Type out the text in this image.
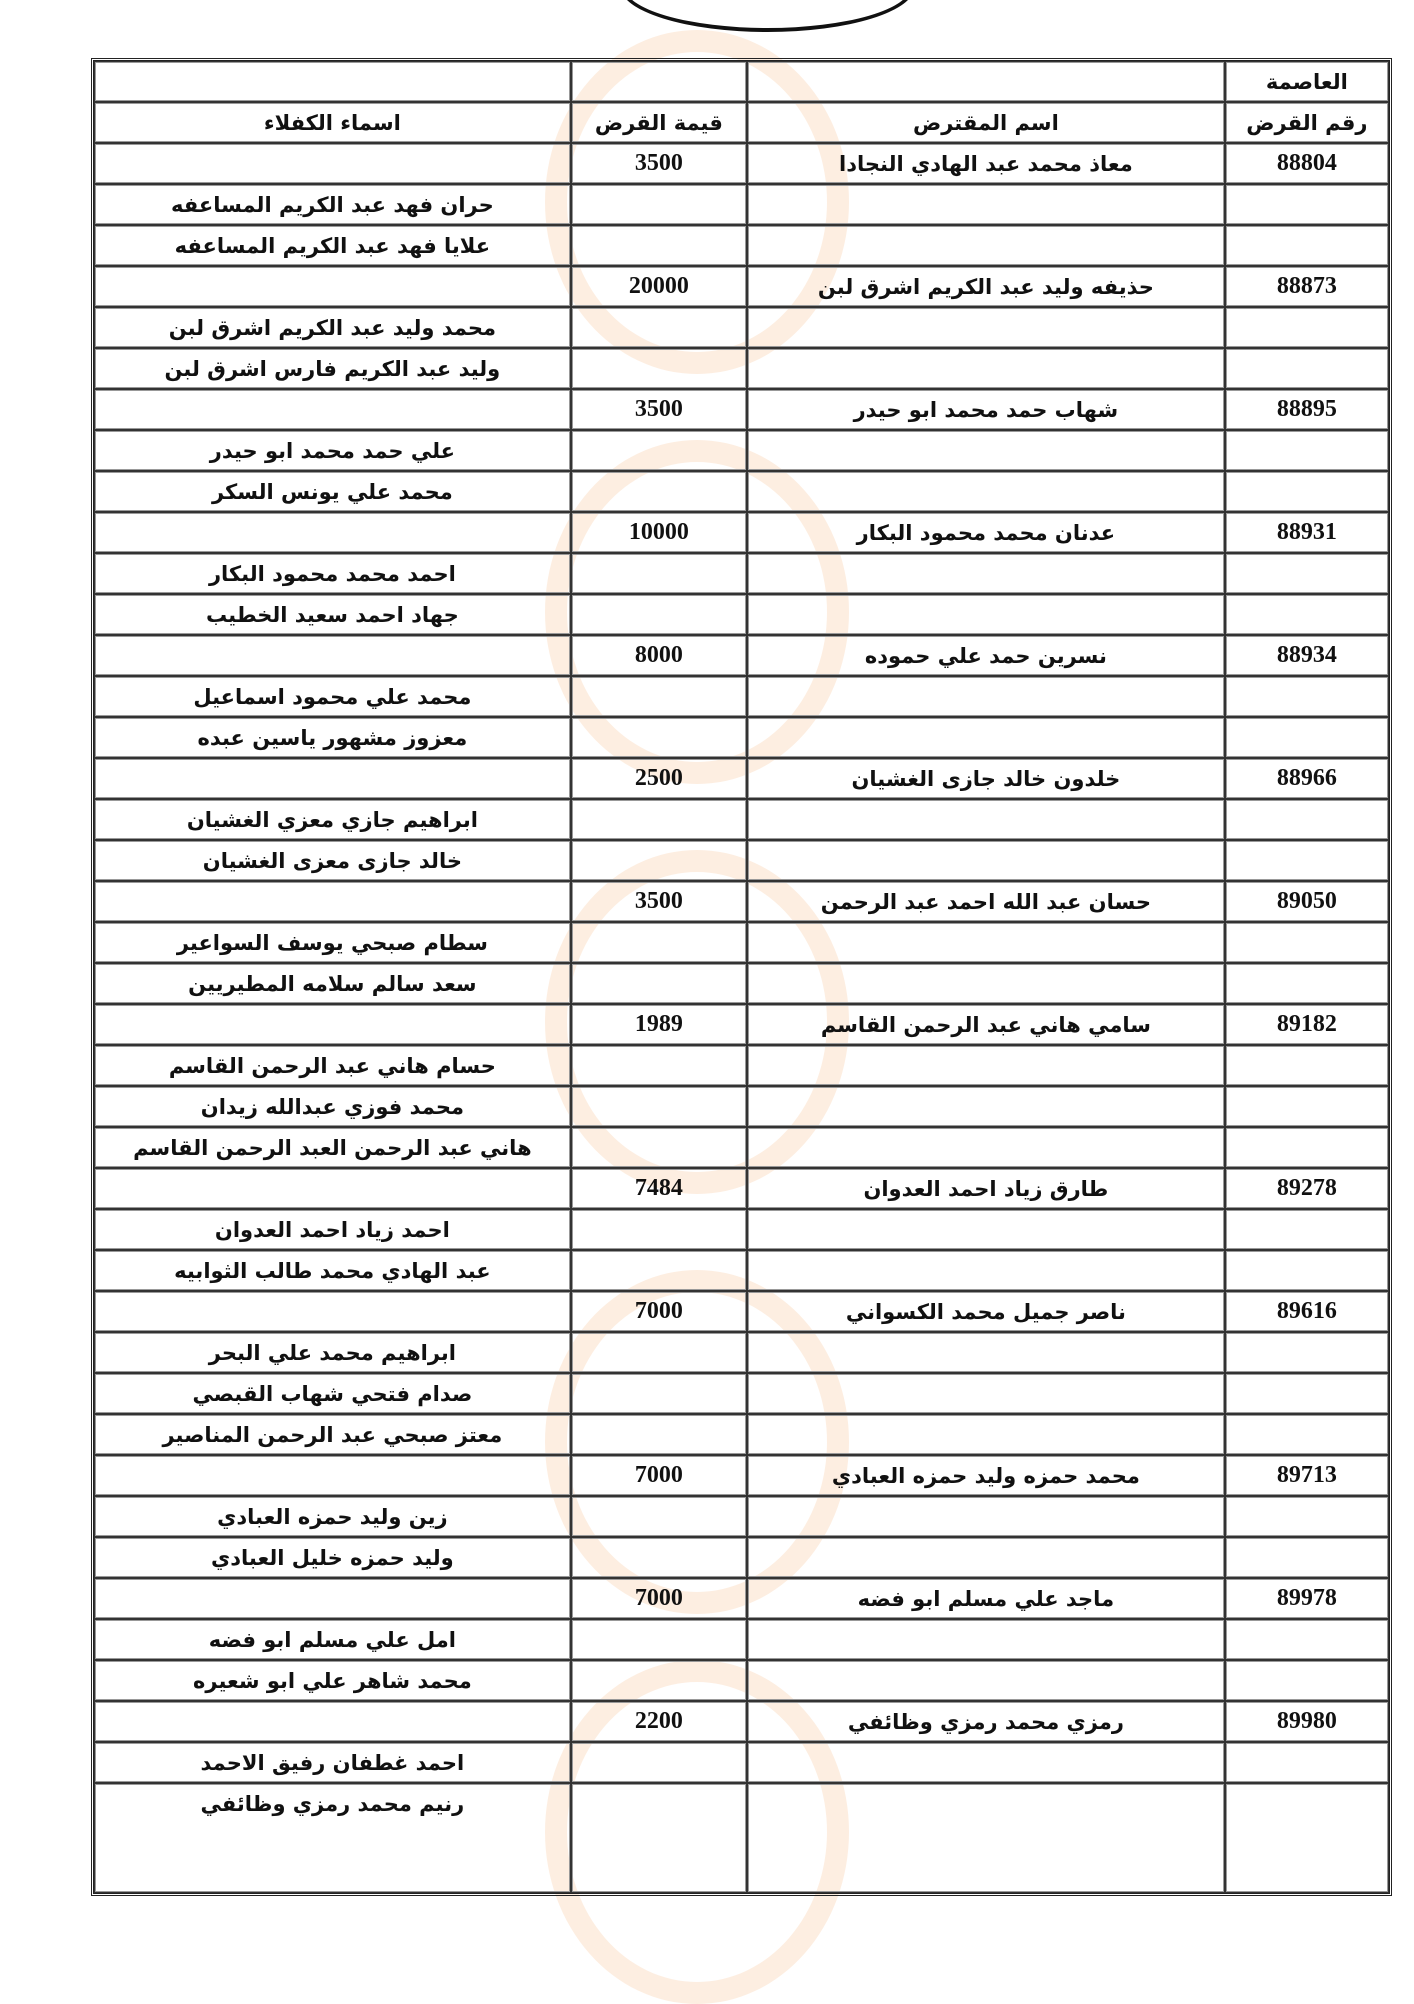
العاصمة			
رقم القرض	اسم المقترض	قيمة القرض	اسماء الكفلاء
88804	معاذ محمد عبد الهادي النجادا	3500	
			حران فهد عبد الكريم المساعفه
			علايا فهد عبد الكريم المساعفه
88873	حذيفه وليد عبد الكريم اشرق لبن	20000	
			محمد وليد عبد الكريم اشرق لبن
			وليد عبد الكريم فارس اشرق لبن
88895	شهاب حمد محمد ابو حيدر	3500	
			علي حمد محمد ابو حيدر
			محمد علي يونس السكر
88931	عدنان محمد محمود البكار	10000	
			احمد محمد محمود البكار
			جهاد احمد سعيد الخطيب
88934	نسرين حمد علي حموده	8000	
			محمد علي محمود اسماعيل
			معزوز مشهور ياسين عبده
88966	خلدون خالد جازى الغشيان	2500	
			ابراهيم جازي معزي الغشيان
			خالد جازى معزى الغشيان
89050	حسان عبد الله احمد عبد الرحمن	3500	
			سطام صبحي يوسف السواعير
			سعد سالم سلامه المطيريين
89182	سامي هاني عبد الرحمن القاسم	1989	
			حسام هاني عبد الرحمن القاسم
			محمد فوزي عبدالله زيدان
			هاني عبد الرحمن العبد الرحمن القاسم
89278	طارق زياد احمد العدوان	7484	
			احمد زياد احمد العدوان
			عبد الهادي محمد طالب الثوابيه
89616	ناصر جميل محمد الكسواني	7000	
			ابراهيم محمد علي البحر
			صدام فتحي شهاب القبصي
			معتز صبحي عبد الرحمن المناصير
89713	محمد حمزه وليد حمزه العبادي	7000	
			زين وليد حمزه العبادي
			وليد حمزه خليل العبادي
89978	ماجد علي مسلم ابو فضه	7000	
			امل علي مسلم ابو فضه
			محمد شاهر علي ابو شعيره
89980	رمزي محمد رمزي وظائفي	2200	
			احمد غطفان رفيق الاحمد
			رنيم محمد رمزي وظائفي
